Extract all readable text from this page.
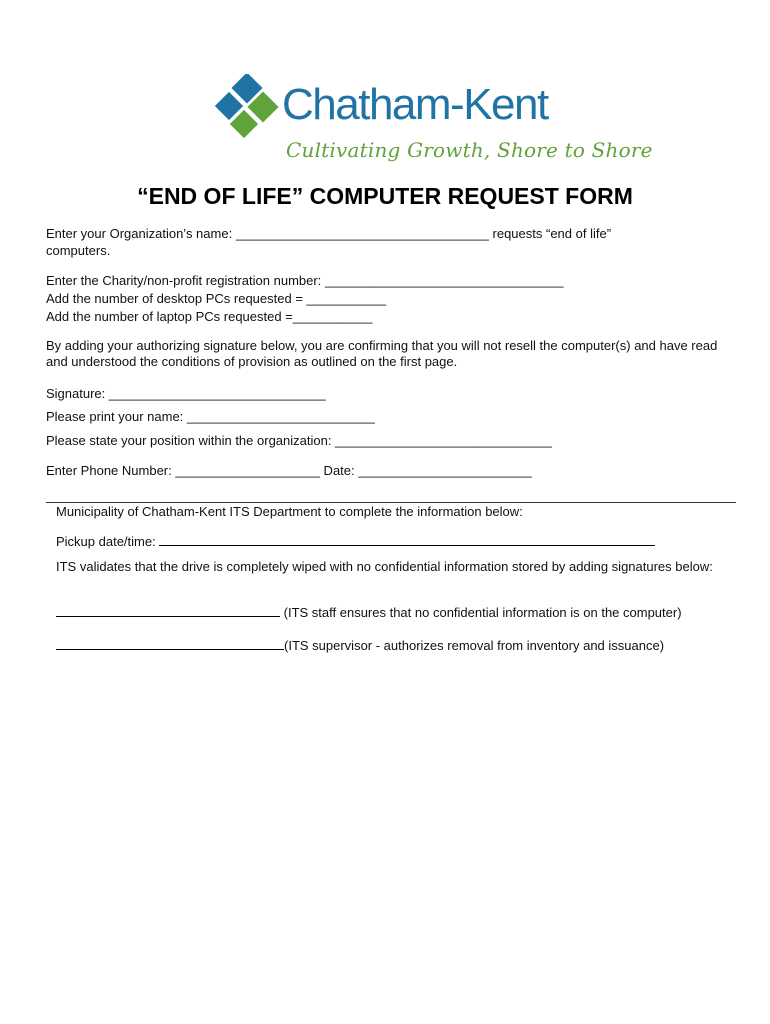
Chatham-Kent
Cultivating Growth, Shore to Shore
“END OF LIFE” COMPUTER REQUEST FORM
Enter your Organization’s name: ___________________________________ requests “end of life”
computers.
Enter the Charity/non-profit registration number: _________________________________
Add the number of desktop PCs requested = ___________
Add the number of laptop PCs requested =___________
By adding your authorizing signature below, you are confirming that you will not resell the computer(s) and have read and understood the conditions of provision as outlined on the first page.
Signature: ______________________________
Please print your name: __________________________
Please state your position within the organization: ______________________________
Enter Phone Number: ____________________ Date: ________________________
Municipality of Chatham-Kent ITS Department to complete the information below:
Pickup date/time:
ITS validates that the drive is completely wiped with no confidential information stored by adding signatures below:
(ITS staff ensures that no confidential information is on the computer)
(ITS supervisor - authorizes removal from inventory and issuance)
